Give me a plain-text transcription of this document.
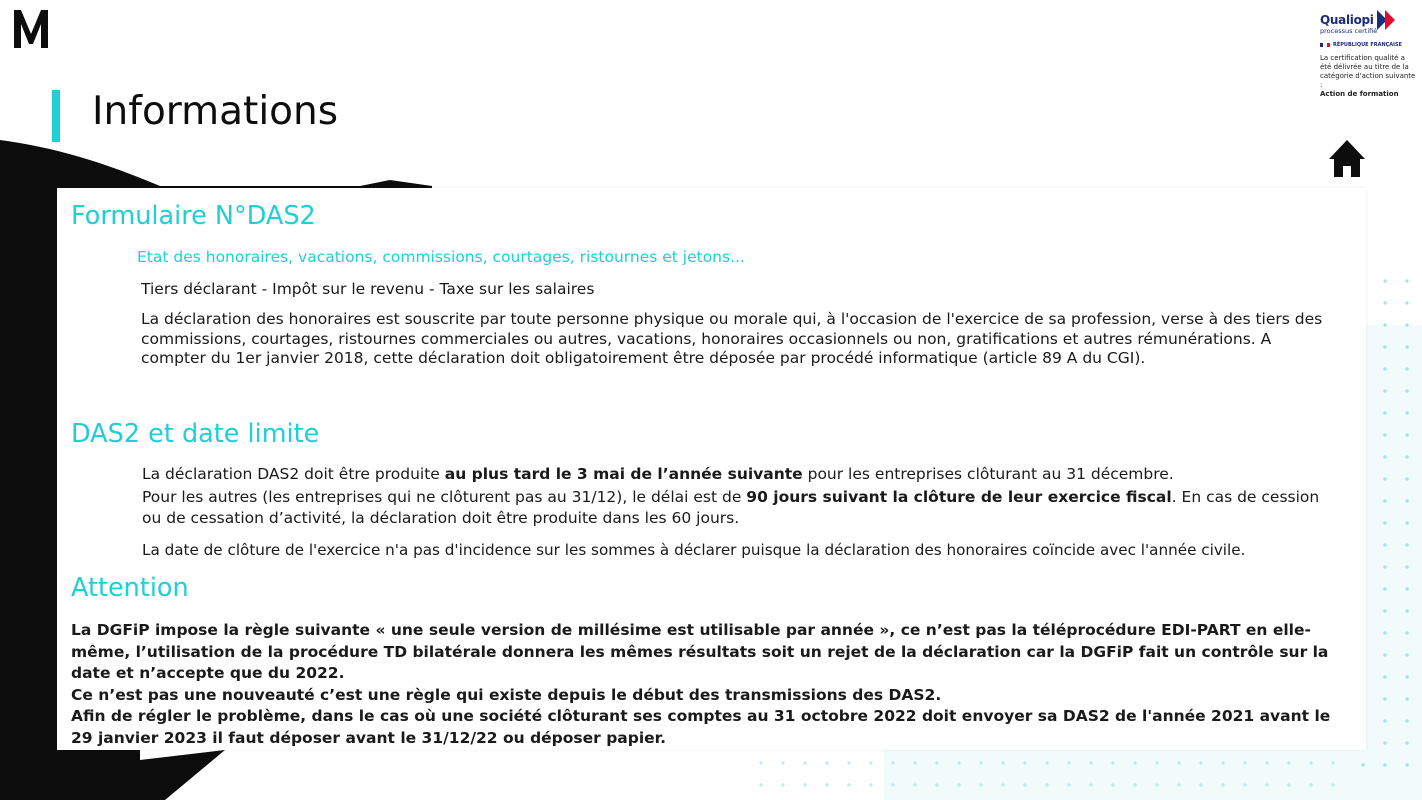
Informations
Qualiopi
processus certifié
RÉPUBLIQUE FRANÇAISE
La certification qualité a été délivrée au titre de la catégorie d'action suivante :
Action de formation
Formulaire N°DAS2
Etat des honoraires, vacations, commissions, courtages, ristournes et jetons...
Tiers déclarant - Impôt sur le revenu - Taxe sur les salaires
La déclaration des honoraires est souscrite par toute personne physique ou morale qui, à l'occasion de l'exercice de sa profession, verse à des tiers des commissions, courtages, ristournes commerciales ou autres, vacations, honoraires occasionnels ou non, gratifications et autres rémunérations. A compter du 1er janvier 2018, cette déclaration doit obligatoirement être déposée par procédé informatique (article 89 A du CGI).
DAS2 et date limite
La déclaration DAS2 doit être produite au plus tard le 3 mai de l’année suivante pour les entreprises clôturant au 31 décembre.
Pour les autres (les entreprises qui ne clôturent pas au 31/12), le délai est de 90 jours suivant la clôture de leur exercice fiscal. En cas de cession ou de cessation d’activité, la déclaration doit être produite dans les 60 jours.
La date de clôture de l'exercice n'a pas d'incidence sur les sommes à déclarer puisque la déclaration des honoraires coïncide avec l'année civile.
Attention
La DGFiP impose la règle suivante « une seule version de millésime est utilisable par année », ce n’est pas la téléprocédure EDI-PART en elle-même, l’utilisation de la procédure TD bilatérale donnera les mêmes résultats soit un rejet de la déclaration car la DGFiP fait un contrôle sur la date et n’accepte que du 2022.
Ce n’est pas une nouveauté c’est une règle qui existe depuis le début des transmissions des DAS2.
Afin de régler le problème, dans le cas où une société clôturant ses comptes au 31 octobre 2022 doit envoyer sa DAS2 de l'année 2021 avant le 29 janvier 2023 il faut déposer avant le 31/12/22 ou déposer papier.
